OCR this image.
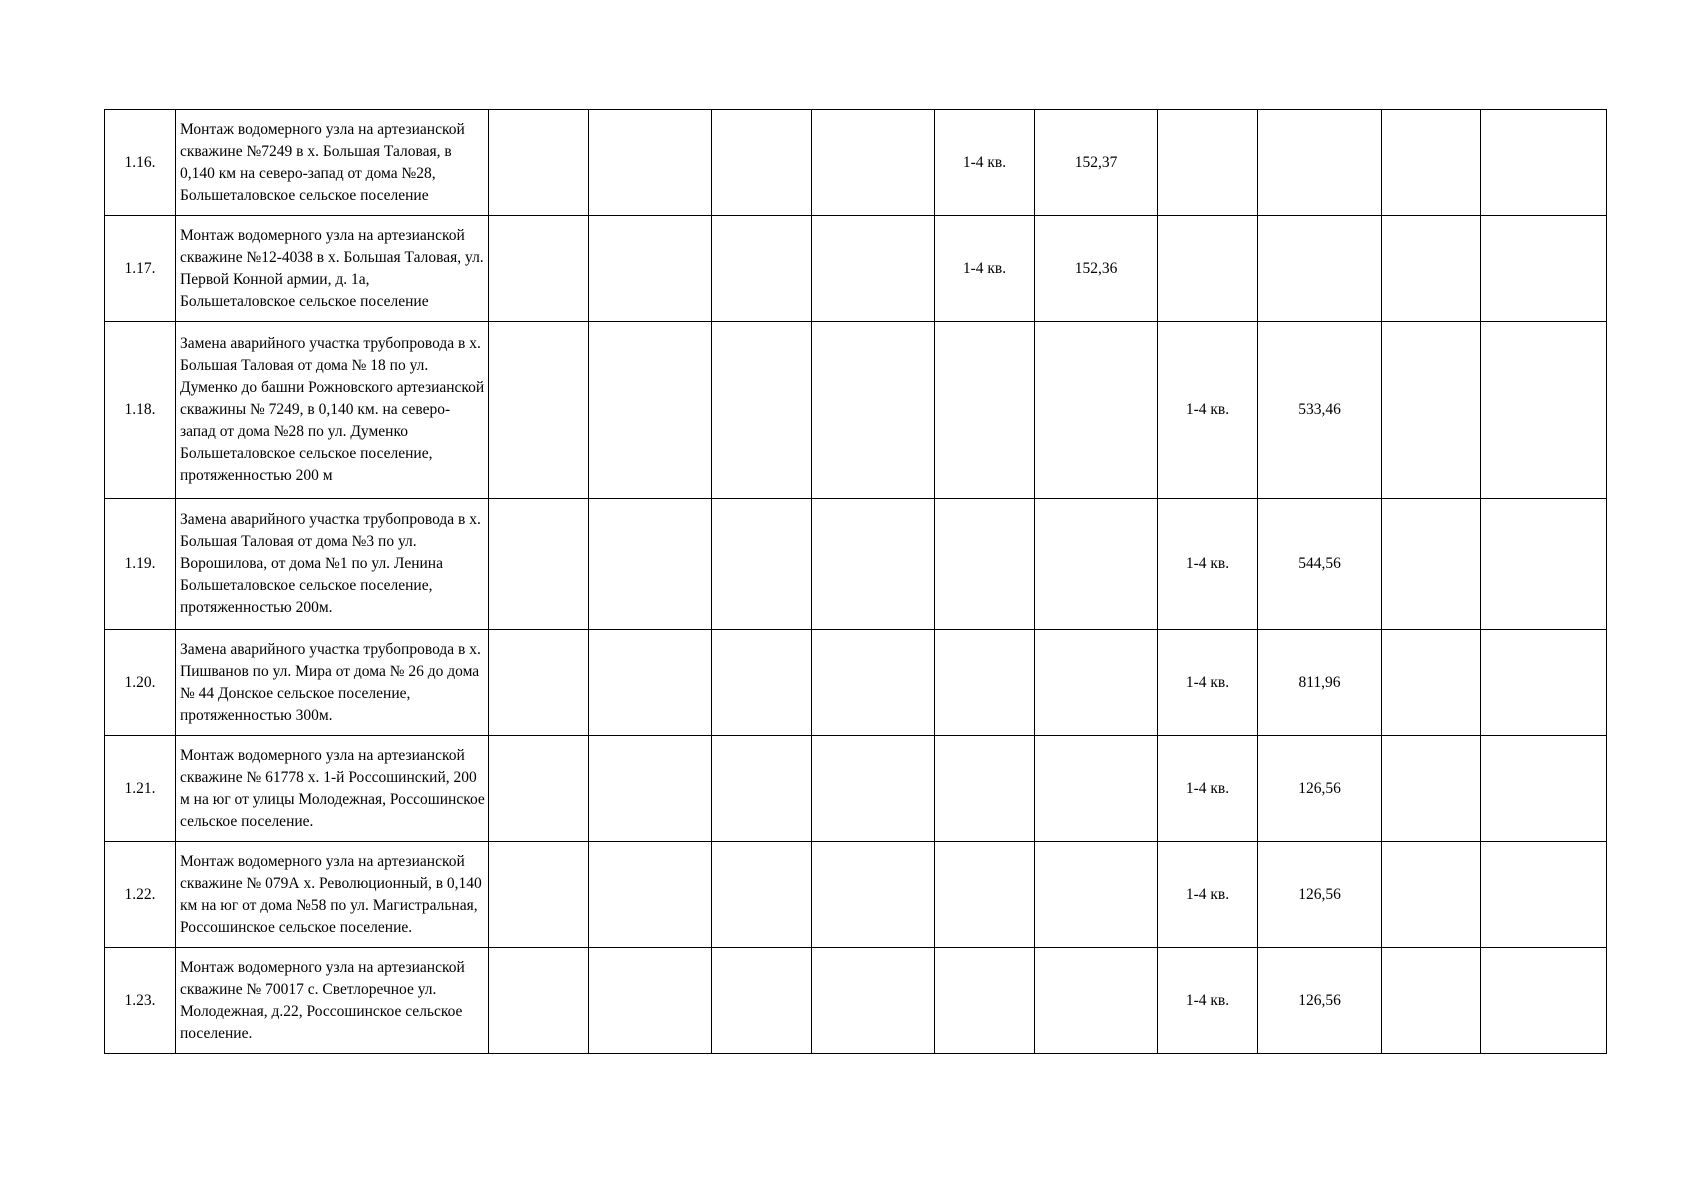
1.16.	Монтаж водомерного узла на артезианской скважине №7249 в х. Большая Таловая, в 0,140 км на северо-запад от дома №28, Большеталовское сельское поселение					1-4 кв.	152,37				
1.17.	Монтаж водомерного узла на артезианской скважине №12-4038 в х. Большая Таловая, ул. Первой Конной армии, д. 1а, Большеталовское сельское поселение					1-4 кв.	152,36				
1.18.	Замена аварийного участка трубопровода в х. Большая Таловая от дома № 18 по ул. Думенко до башни Рожновского артезианской скважины № 7249, в 0,140 км. на северо-запад от дома №28 по ул. Думенко Большеталовское сельское поселение, протяженностью 200 м							1-4 кв.	533,46		
1.19.	Замена аварийного участка трубопровода в х. Большая Таловая от дома №3 по ул. Ворошилова, от дома №1 по ул. Ленина Большеталовское сельское поселение, протяженностью 200м.							1-4 кв.	544,56		
1.20.	Замена аварийного участка трубопровода в х. Пишванов по ул. Мира от дома № 26 до дома № 44 Донское сельское поселение, протяженностью 300м.							1-4 кв.	811,96		
1.21.	Монтаж водомерного узла на артезианской скважине № 61778 х. 1-й Россошинский, 200 м на юг от улицы Молодежная, Россошинское сельское поселение.							1-4 кв.	126,56		
1.22.	Монтаж водомерного узла на артезианской скважине № 079А х. Революционный, в 0,140 км на юг от дома №58 по ул. Магистральная, Россошинское сельское поселение.							1-4 кв.	126,56		
1.23.	Монтаж водомерного узла на артезианской скважине № 70017 с. Светлоречное ул. Молодежная, д.22, Россошинское сельское поселение.							1-4 кв.	126,56		
